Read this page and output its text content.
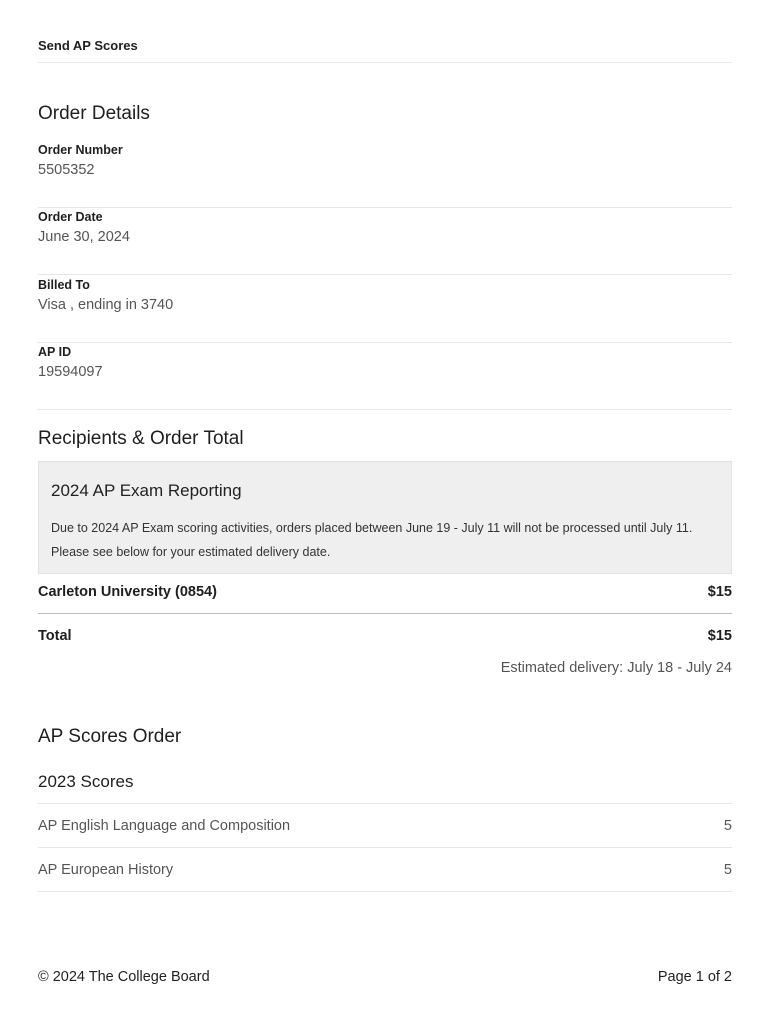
Send AP Scores
Order Details
Order Number
5505352
Order Date
June 30, 2024
Billed To
Visa , ending in 3740
AP ID
19594097
Recipients & Order Total
2024 AP Exam Reporting
Due to 2024 AP Exam scoring activities, orders placed between June 19 - July 11 will not be processed until July 11. Please see below for your estimated delivery date.
Carleton University (0854)	$15
Total	$15
Estimated delivery: July 18 - July 24
AP Scores Order
2023 Scores
AP English Language and Composition	5
AP European History	5
© 2024 The College Board	Page 1 of 2
